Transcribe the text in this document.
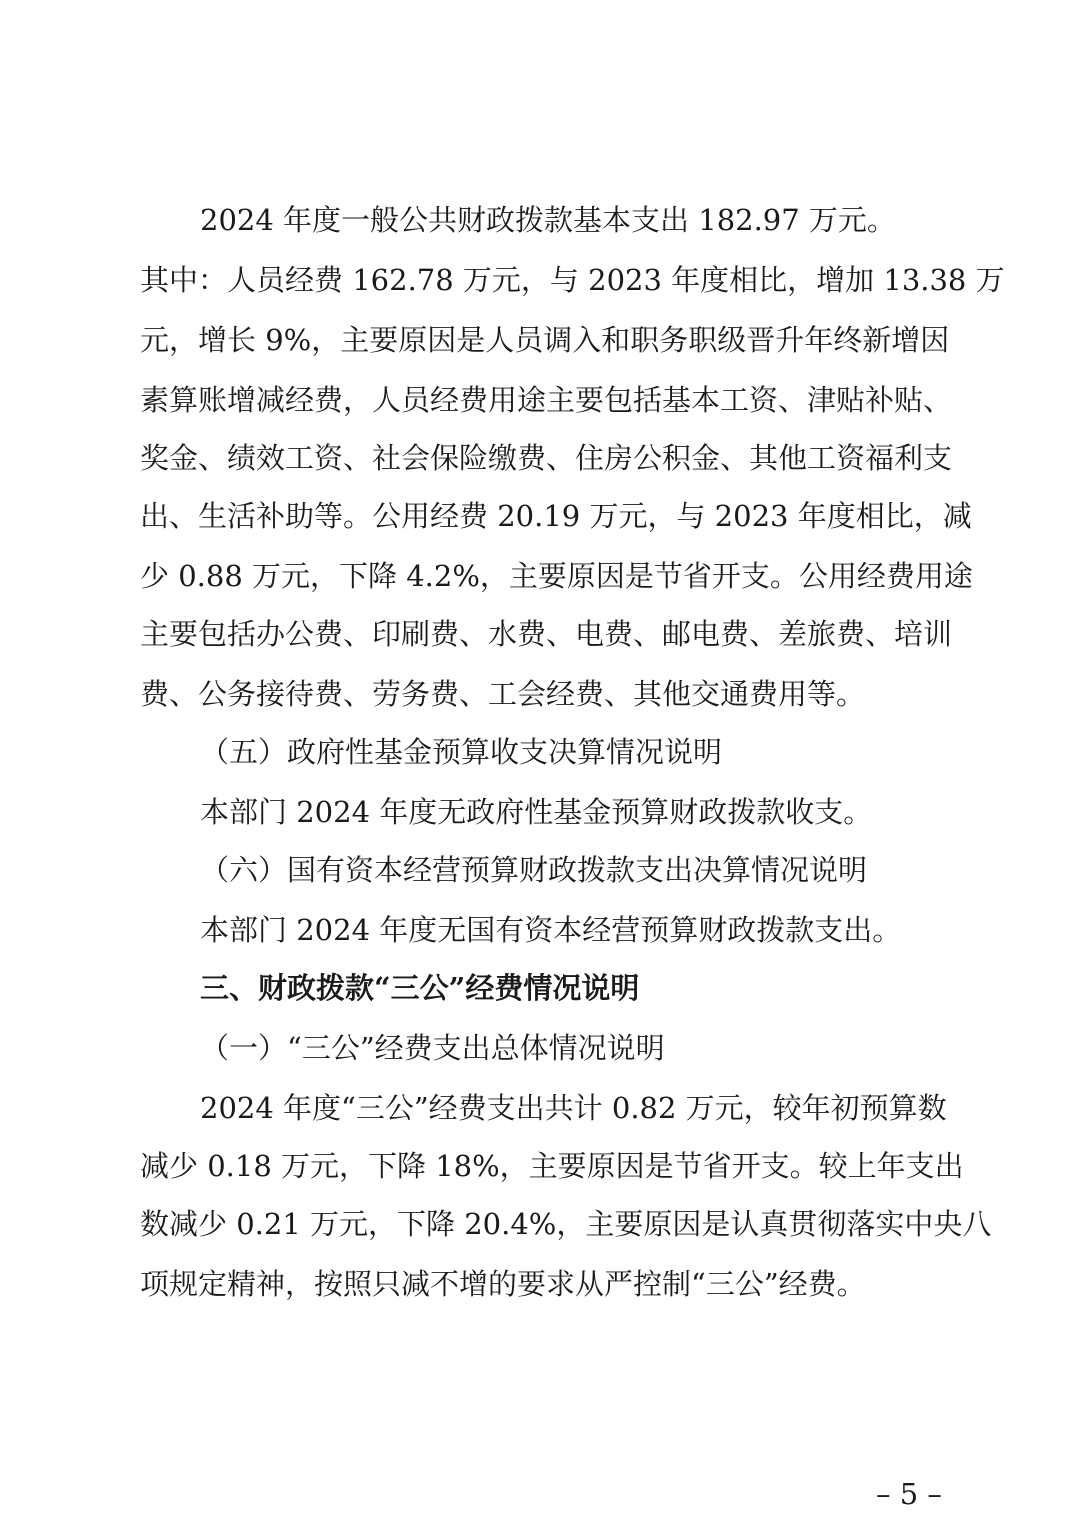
2024 年度一般公共财政拨款基本支出 182.97 万元。
其中：人员经费 162.78 万元，与 2023 年度相比，增加 13.38 万
元，增长 9%，主要原因是人员调入和职务职级晋升年终新增因
素算账增减经费，人员经费用途主要包括基本工资、津贴补贴、
奖金、绩效工资、社会保险缴费、住房公积金、其他工资福利支
出、生活补助等。公用经费 20.19 万元，与 2023 年度相比，减
少 0.88 万元，下降 4.2%，主要原因是节省开支。公用经费用途
主要包括办公费、印刷费、水费、电费、邮电费、差旅费、培训
费、公务接待费、劳务费、工会经费、其他交通费用等。
（五）政府性基金预算收支决算情况说明
本部门 2024 年度无政府性基金预算财政拨款收支。
（六）国有资本经营预算财政拨款支出决算情况说明
本部门 2024 年度无国有资本经营预算财政拨款支出。
三、财政拨款“三公”经费情况说明
（一）“三公”经费支出总体情况说明
2024 年度“三公”经费支出共计 0.82 万元，较年初预算数
减少 0.18 万元，下降 18%，主要原因是节省开支。较上年支出
数减少 0.21 万元，下降 20.4%，主要原因是认真贯彻落实中央八
项规定精神，按照只减不增的要求从严控制“三公”经费。
– 5 –
